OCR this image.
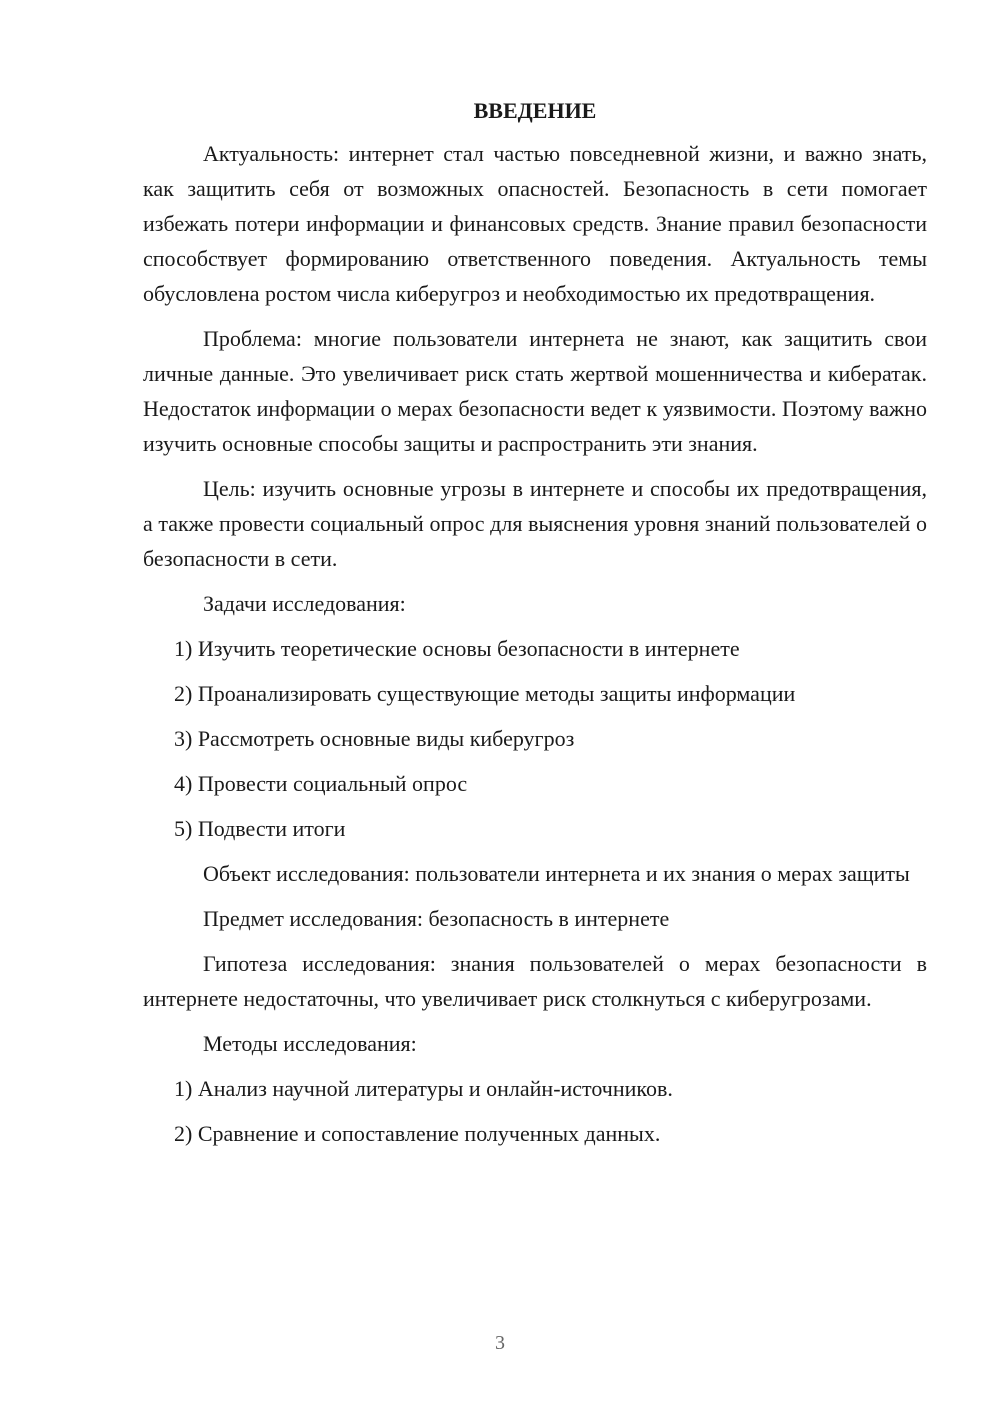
ВВЕДЕНИЕ

Актуальность: интернет стал частью повседневной жизни, и важно знать, как защитить себя от возможных опасностей. Безопасность в сети помогает избежать потери информации и финансовых средств. Знание правил безопасности способствует формированию ответственного поведения. Актуальность темы обусловлена ростом числа киберугроз и необходимостью их предотвращения.

Проблема: многие пользователи интернета не знают, как защитить свои личные данные. Это увеличивает риск стать жертвой мошенничества и кибератак. Недостаток информации о мерах безопасности ведет к уязвимости. Поэтому важно изучить основные способы защиты и распространить эти знания.

Цель: изучить основные угрозы в интернете и способы их предотвращения, а также провести социальный опрос для выяснения уровня знаний пользователей о безопасности в сети.

Задачи исследования:

1) Изучить теоретические основы безопасности в интернете
2) Проанализировать существующие методы защиты информации
3) Рассмотреть основные виды киберугроз
4) Провести социальный опрос
5) Подвести итоги

Объект исследования: пользователи интернета и их знания о мерах защиты

Предмет исследования: безопасность в интернете

Гипотеза исследования: знания пользователей о мерах безопасности в интернете недостаточны, что увеличивает риск столкнуться с киберугрозами.

Методы исследования:

1) Анализ научной литературы и онлайн-источников.
2) Сравнение и сопоставление полученных данных.
3
